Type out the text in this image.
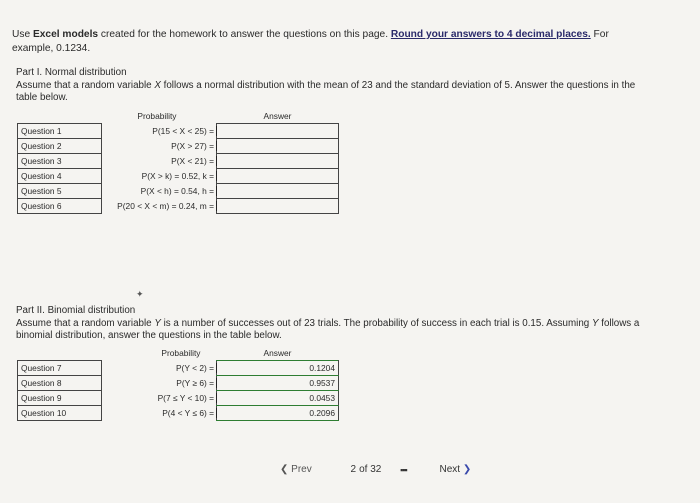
Use Excel models created for the homework to answer the questions on this page. Round your answers to 4 decimal places. For example, 0.1234.
Part I. Normal distribution
Assume that a random variable X follows a normal distribution with the mean of 23 and the standard deviation of 5. Answer the questions in the table below.
	Probability	Answer
Question 1	P(15 < X < 25) =	
Question 2	P(X > 27) =	
Question 3	P(X < 21) =	
Question 4	P(X > k) = 0.52, k =	
Question 5	P(X < h) = 0.54, h =	
Question 6	P(20 < X < m) = 0.24, m =	
✦
Part II. Binomial distribution
Assume that a random variable Y is a number of successes out of 23 trials. The probability of success in each trial is 0.15. Assuming Y follows a binomial distribution, answer the questions in the table below.
	Probability	Answer
Question 7	P(Y < 2) =	0.1204
Question 8	P(Y ≥ 6) =	0.9537
Question 9	P(7 ≤ Y < 10) =	0.0453
Question 10	P(4 < Y ≤ 6) =	0.2096
❮ Prev	2 of 32 ▪▪▪	Next ❯
